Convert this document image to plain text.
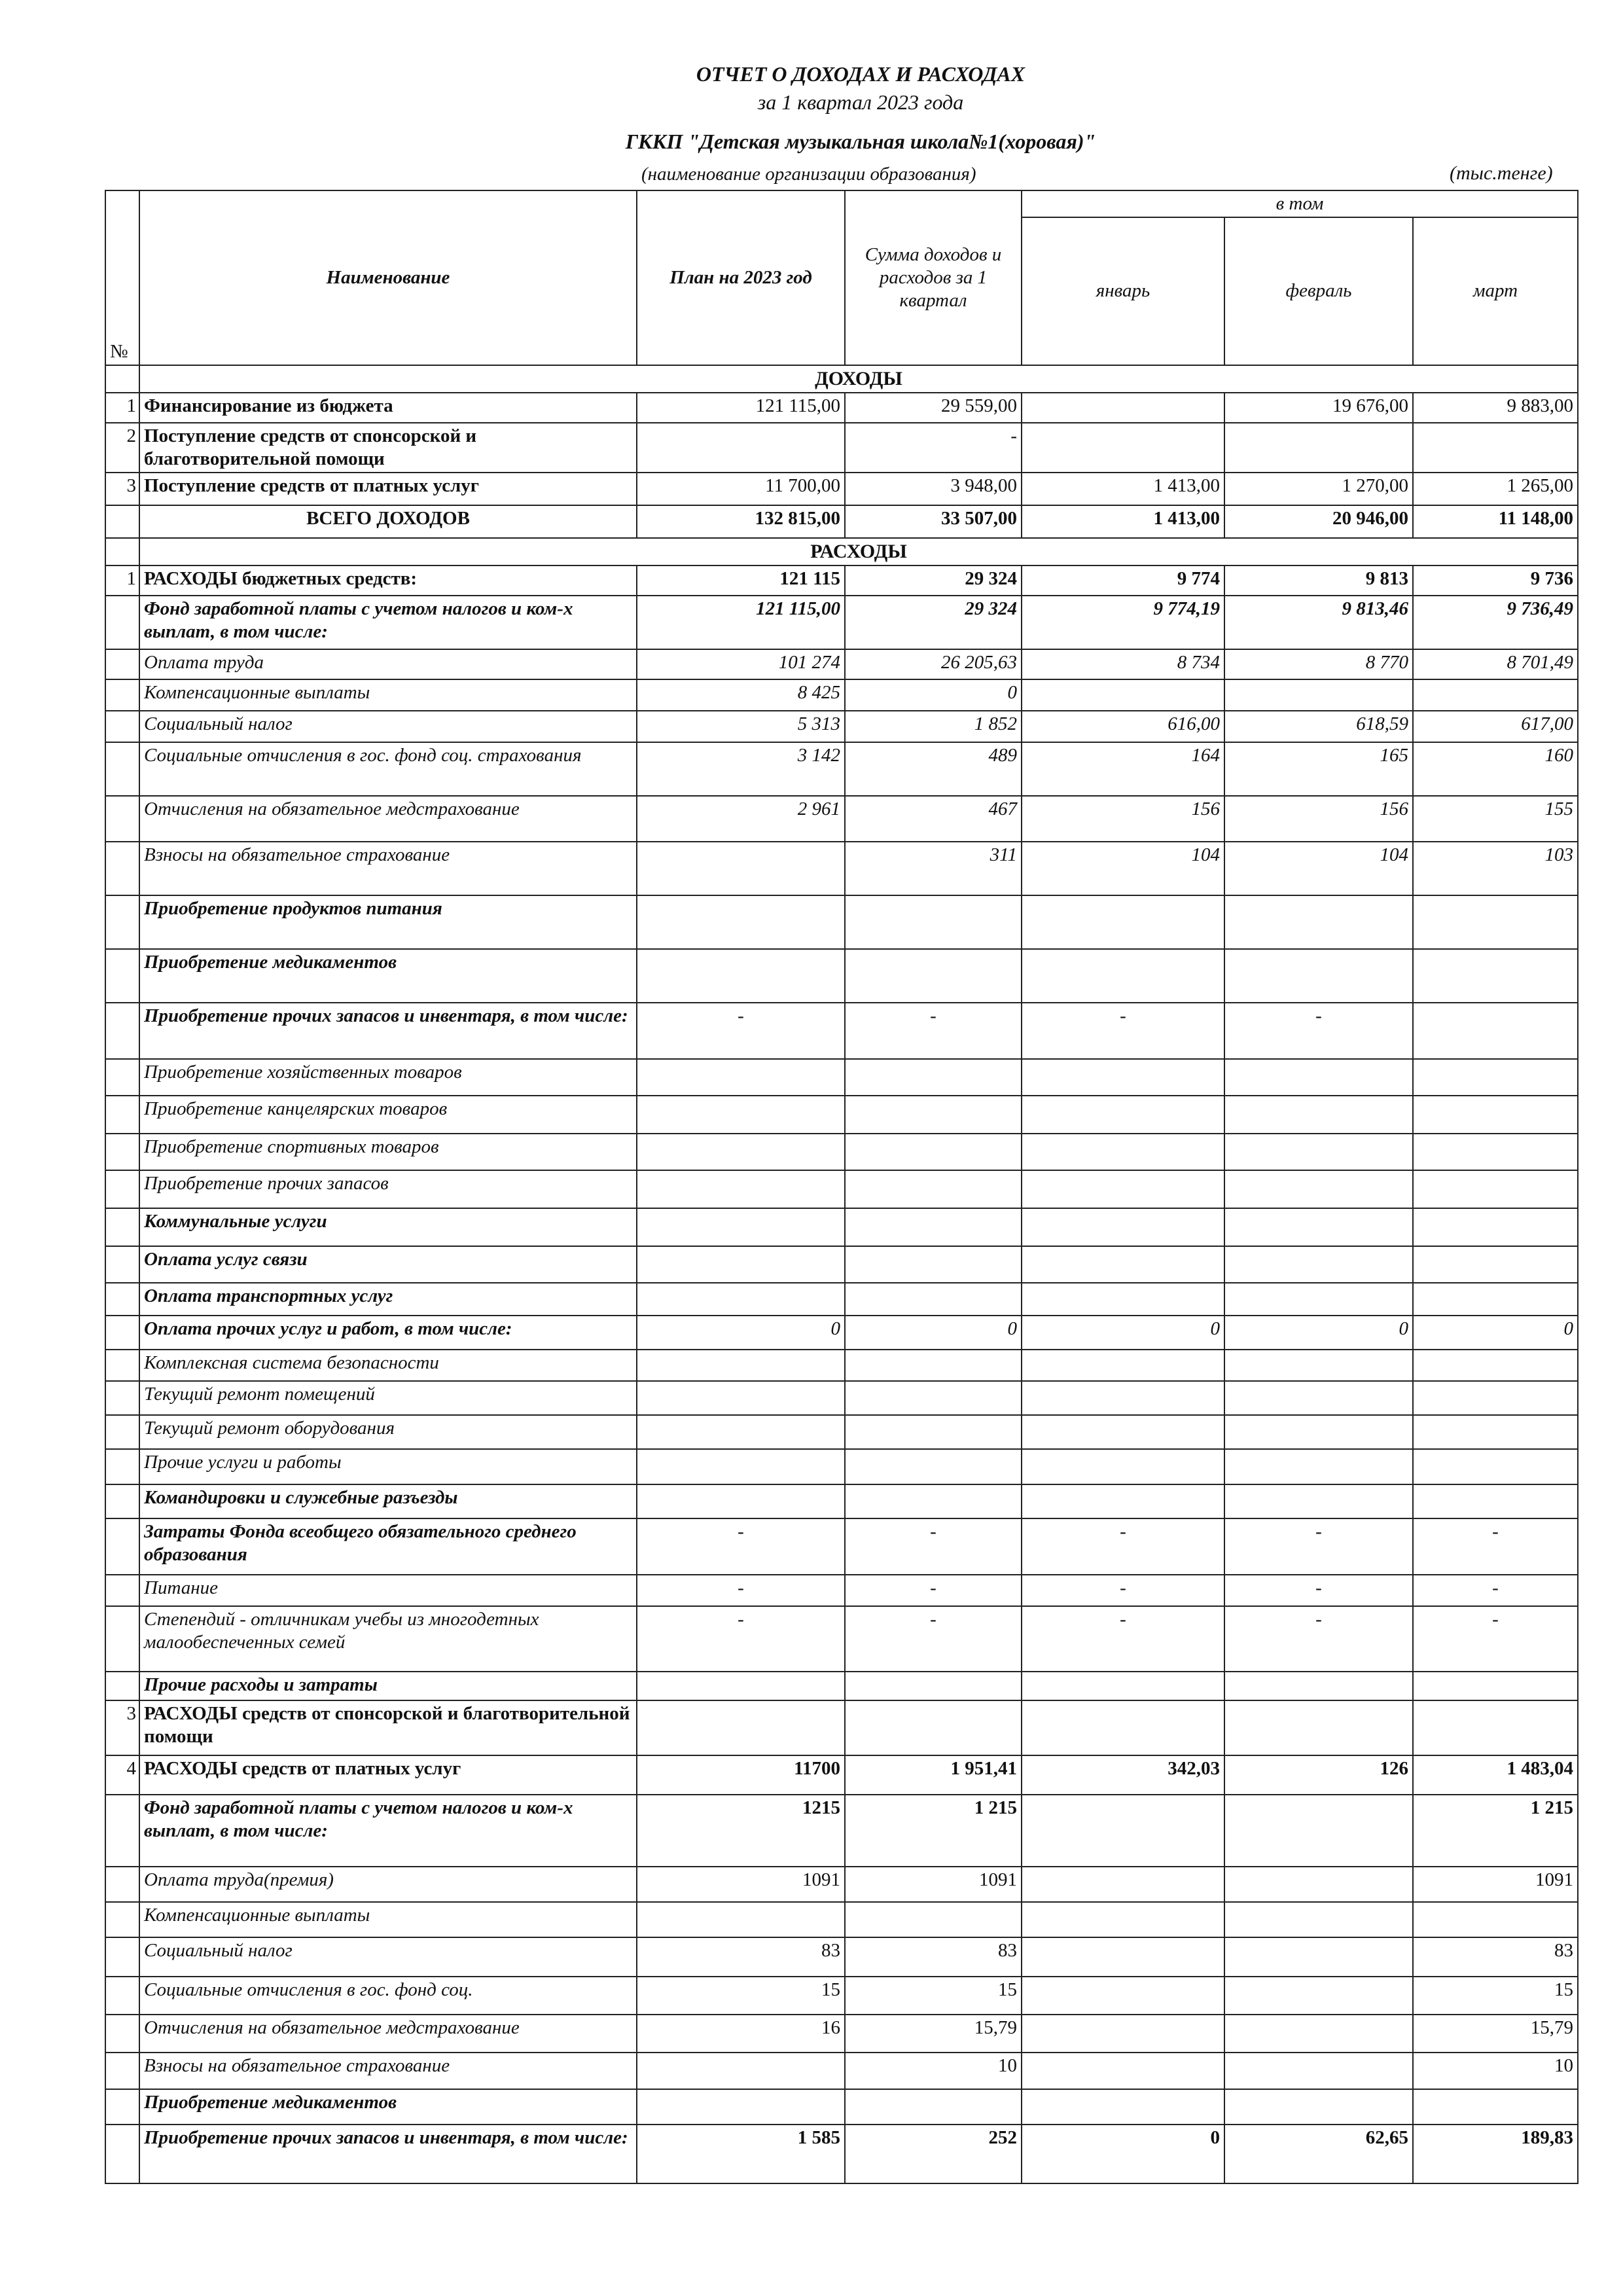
ОТЧЕТ О ДОХОДАХ И РАСХОДАХ
за 1 квартал 2023 года
ГККП "Детская музыкальная школа№1(хоровая)"
(наименование организации образования)	(тыс.тенге)
№	Наименование	План на 2023 год	Сумма доходов и расходов за 1 квартал	в том		
				январь	февраль	март
	ДОХОДЫ					
1	Финансирование из бюджета	121 115,00	29 559,00		19 676,00	9 883,00
2	Поступление средств от спонсорской и благотворительной помощи		-			
3	Поступление средств от платных услуг	11 700,00	3 948,00	1 413,00	1 270,00	1 265,00
	ВСЕГО ДОХОДОВ	132 815,00	33 507,00	1 413,00	20 946,00	11 148,00
	РАСХОДЫ					
1	РАСХОДЫ бюджетных средств:	121 115	29 324	9 774	9 813	9 736
	Фонд заработной платы с учетом налогов и ком-х выплат, в том числе:	121 115,00	29 324	9 774,19	9 813,46	9 736,49
	Оплата труда	101 274	26 205,63	8 734	8 770	8 701,49
	Компенсационные выплаты	8 425	0			
	Социальный налог	5 313	1 852	616,00	618,59	617,00
	Социальные отчисления в гос. фонд соц. страхования	3 142	489	164	165	160
	Отчисления на обязательное медстрахование	2 961	467	156	156	155
	Взносы на обязательное страхование		311	104	104	103
	Приобретение продуктов питания					
	Приобретение медикаментов					
	Приобретение прочих запасов и инвентаря, в том числе:	-	-	-	-	
	Приобретение хозяйственных товаров					
	Приобретение канцелярских товаров					
	Приобретение спортивных товаров					
	Приобретение прочих запасов					
	Коммунальные услуги					
	Оплата услуг связи					
	Оплата транспортных услуг					
	Оплата прочих услуг и работ, в том числе:	0	0	0	0	0
	Комплексная система безопасности					
	Текущий ремонт помещений					
	Текущий ремонт оборудования					
	Прочие услуги и работы					
	Командировки и служебные разъезды					
	Затраты Фонда всеобщего обязательного среднего образования	-	-	-	-	-
	Питание	-	-	-	-	-
	Степендий - отличникам учебы из многодетных малообеспеченных семей	-	-	-	-	-
	Прочие расходы и затраты					
3	РАСХОДЫ средств от спонсорской и благотворительной помощи					
4	РАСХОДЫ средств от платных услуг	11700	1 951,41	342,03	126	1 483,04
	Фонд заработной платы с учетом налогов и ком-х выплат, в том числе:	1215	1 215			1 215
	Оплата труда(премия)	1091	1091			1091
	Компенсационные выплаты					
	Социальный налог	83	83			83
	Социальные отчисления в гос. фонд соц.	15	15			15
	Отчисления на обязательное медстрахование	16	15,79			15,79
	Взносы на обязательное страхование		10			10
	Приобретение медикаментов					
	Приобретение прочих запасов и инвентаря, в том числе:	1 585	252	0	62,65	189,83
